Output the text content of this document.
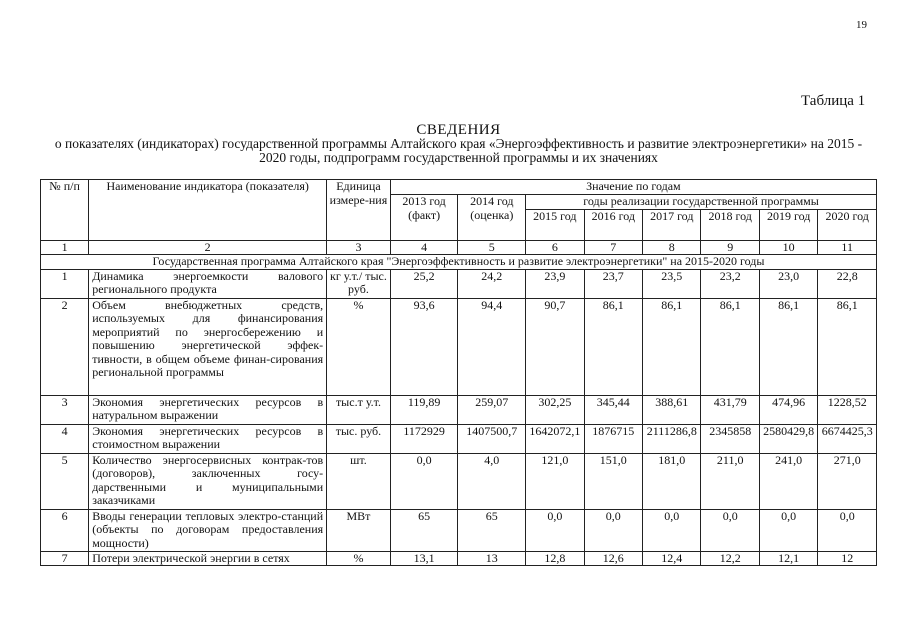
19
Таблица 1
СВЕДЕНИЯ
о показателях (индикаторах) государственной программы Алтайского края «Энергоэффективность и развитие электроэнергетики» на 2015 - 2020 годы, подпрограмм государственной программы и их значениях
№ п/п	Наименование индикатора (показателя)	Единица измере-ния	Значение по годам							
			2013 год (факт)	2014 год (оценка)	годы реализации государственной программы					
					2015 год	2016 год	2017 год	2018 год	2019 год	2020 год
1	2	3	4	5	6	7	8	9	10	11
Государственная программа Алтайского края "Энергоэффективность и развитие электроэнергетики" на 2015-2020 годы										
1	Динамика энергоемкости валового регионального продукта	кг у.т./ тыс. руб.	25,2	24,2	23,9	23,7	23,5	23,2	23,0	22,8
2	Объем внебюджетных средств, используемых для финансирования мероприятий по энергосбережению и повышению энергетической эффек-тивности, в общем объеме финан-сирования региональной программы	%	93,6	94,4	90,7	86,1	86,1	86,1	86,1	86,1
3	Экономия энергетических ресурсов в натуральном выражении	тыс.т у.т.	119,89	259,07	302,25	345,44	388,61	431,79	474,96	1228,52
4	Экономия энергетических ресурсов в стоимостном выражении	тыс. руб.	1172929	1407500,7	1642072,1	1876715	2111286,8	2345858	2580429,8	6674425,3
5	Количество энергосервисных контрак-тов (договоров), заключенных госу-дарственными и муниципальными заказчиками	шт.	0,0	4,0	121,0	151,0	181,0	211,0	241,0	271,0
6	Вводы генерации тепловых электро-станций (объекты по договорам предоставления мощности)	МВт	65	65	0,0	0,0	0,0	0,0	0,0	0,0
7	Потери электрической энергии в сетях	%	13,1	13	12,8	12,6	12,4	12,2	12,1	12
